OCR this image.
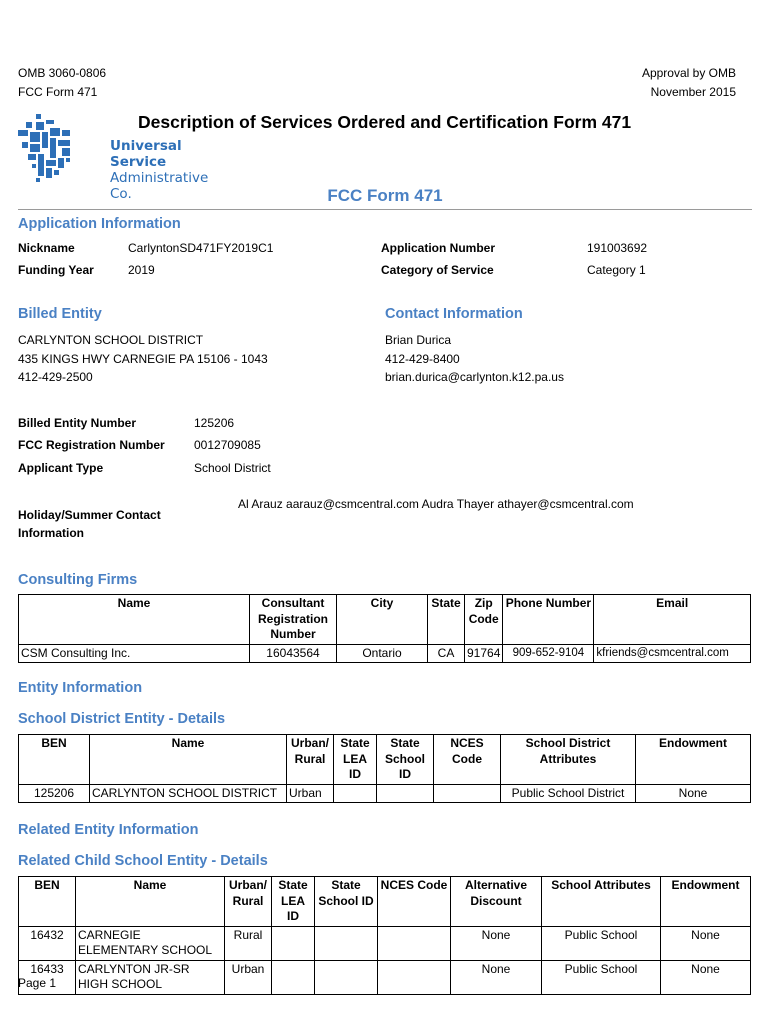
OMB 3060-0806
FCC Form 471
Approval by OMB
November 2015
Universal Service
Administrative Co.
Description of Services Ordered and Certification Form 471
FCC Form 471
Application Information
Nickname	CarlyntonSD471FY2019C1	Application Number	191003692
Funding Year	2019	Category of Service	Category 1
Billed Entity
CARLYNTON SCHOOL DISTRICT
435 KINGS HWY CARNEGIE PA 15106 - 1043
412-429-2500
Contact Information
Brian Durica
412-429-8400
brian.durica@carlynton.k12.pa.us
Billed Entity Number	125206
FCC Registration Number 0012709085
Applicant Type	School District
Holiday/Summer Contact
Information
Al Arauz aarauz@csmcentral.com Audra Thayer athayer@csmcentral.com
Consulting Firms
Name	Consultant Registration Number	City	State	Zip Code	Phone Number	Email
CSM Consulting Inc.	16043564	Ontario	CA	91764	909-652-9104	kfriends@csmcentral.com
Entity Information
School District Entity - Details
BEN	Name	Urban/ Rural	State LEA ID	State School ID	NCES Code	School District Attributes	Endowment
125206	CARLYNTON SCHOOL DISTRICT	Urban				Public School District	None
Related Entity Information
Related Child School Entity - Details
BEN	Name	Urban/ Rural	State LEA ID	State School ID	NCES Code	Alternative Discount	School Attributes	Endowment
16432	CARNEGIE ELEMENTARY SCHOOL	Rural				None	Public School	None
16433	CARLYNTON JR-SR HIGH SCHOOL	Urban				None	Public School	None
Page 1
